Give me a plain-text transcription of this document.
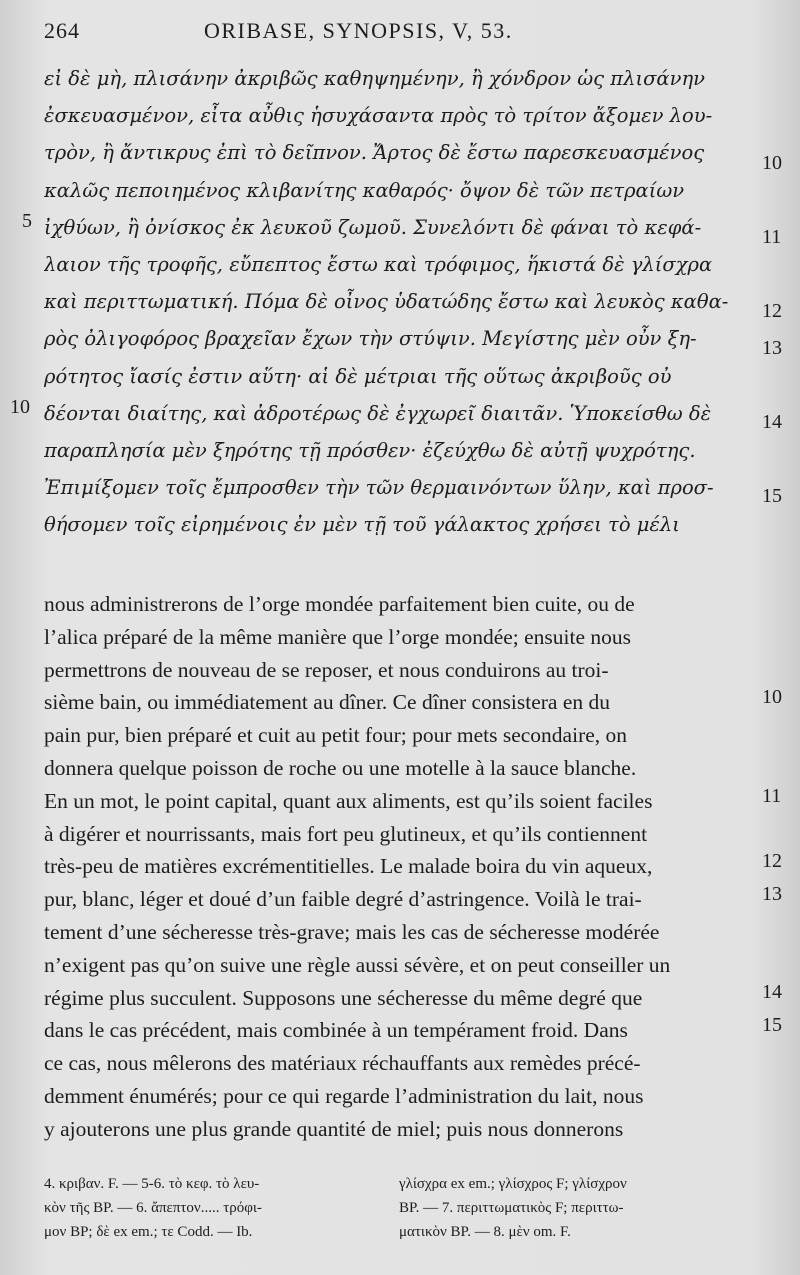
264	ORIBASE, SYNOPSIS, V, 53.
εἰ δὲ μὴ, πλισάνην ἀκριβῶς καθηψημένην, ἢ χόνδρον ὡς πλισάνην
ἐσκευασμένον, εἶτα αὖθις ἡσυχάσαντα πρὸς τὸ τρίτον ἄξομεν λου-
τρὸν, ἢ ἄντικρυς ἐπὶ τὸ δεῖπνον. Ἄρτος δὲ ἔστω παρεσκευασμένος
καλῶς πεποιημένος κλιβανίτης καθαρός· ὄψον δὲ τῶν πετραίων
ἰχθύων, ἢ ὀνίσκος ἐκ λευκοῦ ζωμοῦ. Συνελόντι δὲ φάναι τὸ κεφά-
λαιον τῆς τροφῆς, εὔπεπτος ἔστω καὶ τρόφιμος, ἥκιστά δὲ γλίσχρα
καὶ περιττωματική. Πόμα δὲ οἶνος ὑδατώδης ἔστω καὶ λευκὸς καθα-
ρὸς ὀλιγοφόρος βραχεῖαν ἔχων τὴν στύψιν. Μεγίστης μὲν οὖν ξη-
ρότητος ἴασίς ἐστιν αὕτη· αἱ δὲ μέτριαι τῆς οὕτως ἀκριβοῦς οὐ
δέονται διαίτης, καὶ ἀδροτέρως δὲ ἐγχωρεῖ διαιτᾶν. Ὑποκείσθω δὲ
παραπλησία μὲν ξηρότης τῇ πρόσθεν· ἐζεύχθω δὲ αὐτῇ ψυχρότης.
Ἐπιμίξομεν τοῖς ἔμπροσθεν τὴν τῶν θερμαινόντων ὕλην, καὶ προσ-
θήσομεν τοῖς εἰρημένοις ἐν μὲν τῇ τοῦ γάλακτος χρήσει τὸ μέλι
10
11
12
13
14
15
5
10
nous administrerons de l’orge mondée parfaitement bien cuite, ou de
l’alica préparé de la même manière que l’orge mondée; ensuite nous
permettrons de nouveau de se reposer, et nous conduirons au troi-
sième bain, ou immédiatement au dîner. Ce dîner consistera en du
pain pur, bien préparé et cuit au petit four; pour mets secondaire, on
donnera quelque poisson de roche ou une motelle à la sauce blanche.
En un mot, le point capital, quant aux aliments, est qu’ils soient faciles
à digérer et nourrissants, mais fort peu glutineux, et qu’ils contiennent
très-peu de matières excrémentitielles. Le malade boira du vin aqueux,
pur, blanc, léger et doué d’un faible degré d’astringence. Voilà le trai-
tement d’une sécheresse très-grave; mais les cas de sécheresse modérée
n’exigent pas qu’on suive une règle aussi sévère, et on peut conseiller un
régime plus succulent. Supposons une sécheresse du même degré que
dans le cas précédent, mais combinée à un tempérament froid. Dans
ce cas, nous mêlerons des matériaux réchauffants aux remèdes précé-
demment énumérés; pour ce qui regarde l’administration du lait, nous
y ajouterons une plus grande quantité de miel; puis nous donnerons
10
11
12
13
14
15
4. κριβαν. F. — 5-6. τὸ κεφ. τὸ λευ-
κὸν τῆς BP. — 6. ἄπεπτον..... τρόφι-
μον BP; δὲ ex em.; τε Codd. — Ib.
γλίσχρα ex em.; γλίσχρος F; γλίσχρον
BP. — 7. περιττωματικὸς F; περιττω-
ματικὸν BP. — 8. μὲν om. F.
